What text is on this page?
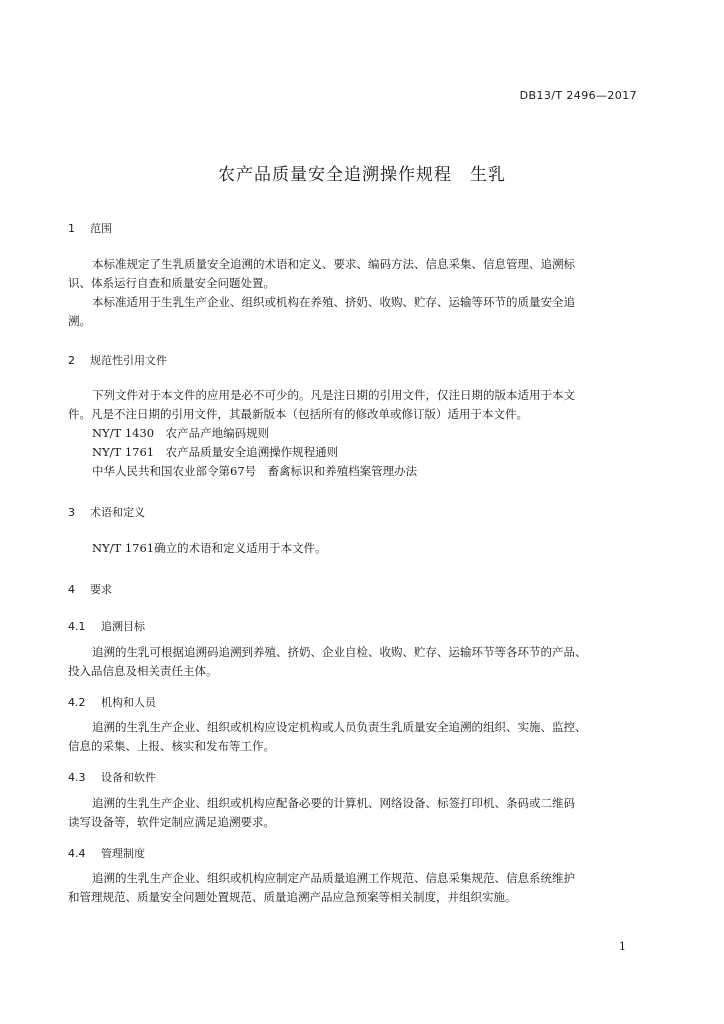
DB13/T 2496—2017
农产品质量安全追溯操作规程　生乳
1 范围
本标准规定了生乳质量安全追溯的术语和定义、要求、编码方法、信息采集、信息管理、追溯标
识、体系运行自查和质量安全问题处置。
本标准适用于生乳生产企业、组织或机构在养殖、挤奶、收购、贮存、运输等环节的质量安全追
溯。
2 规范性引用文件
下列文件对于本文件的应用是必不可少的。凡是注日期的引用文件，仅注日期的版本适用于本文
件。凡是不注日期的引用文件，其最新版本（包括所有的修改单或修订版）适用于本文件。
NY/T 1430　农产品产地编码规则
NY/T 1761　农产品质量安全追溯操作规程通则
中华人民共和国农业部令第67号　畜禽标识和养殖档案管理办法
3 术语和定义
NY/T 1761确立的术语和定义适用于本文件。
4 要求
4.1 追溯目标
追溯的生乳可根据追溯码追溯到养殖、挤奶、企业自检、收购、贮存、运输环节等各环节的产品、
投入品信息及相关责任主体。
4.2 机构和人员
追溯的生乳生产企业、组织或机构应设定机构或人员负责生乳质量安全追溯的组织、实施、监控、
信息的采集、上报、核实和发布等工作。
4.3 设备和软件
追溯的生乳生产企业、组织或机构应配备必要的计算机、网络设备、标签打印机、条码或二维码
读写设备等，软件定制应满足追溯要求。
4.4 管理制度
追溯的生乳生产企业、组织或机构应制定产品质量追溯工作规范、信息采集规范、信息系统维护
和管理规范、质量安全问题处置规范、质量追溯产品应急预案等相关制度，并组织实施。
1
